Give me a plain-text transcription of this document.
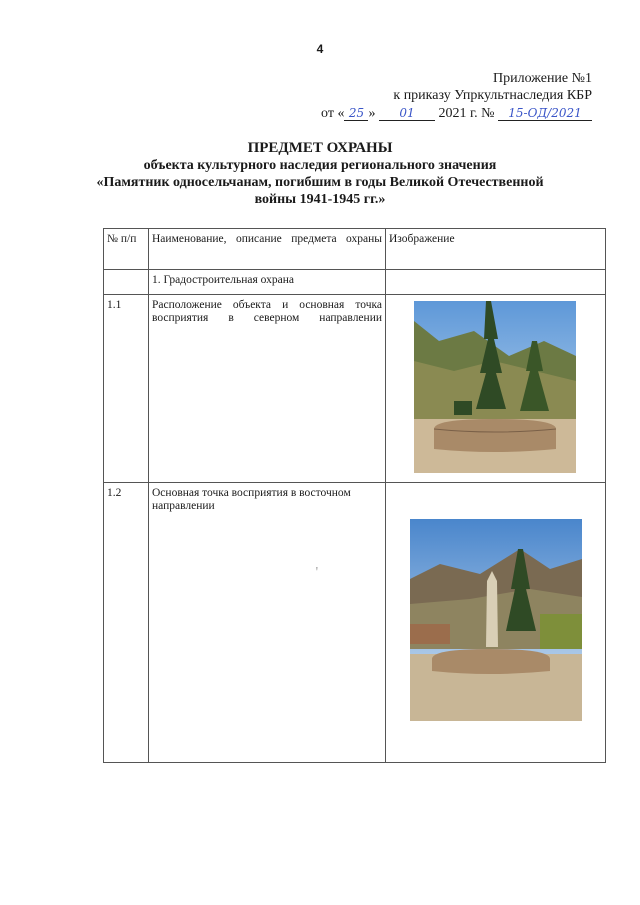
4
Приложение №1
к приказу Упркультнаследия КБР
от « 25 » 01 2021 г. № 15-ОД/2021
ПРЕДМЕТ ОХРАНЫ
объекта культурного наследия регионального значения
«Памятник односельчанам, погибшим в годы Великой Отечественной
войны 1941-1945 гг.»
№ п/п	Наименование, описание предмета охраны	Изображение
	1. Градостроительная охрана	
1.1	Расположение объекта и основная точка восприятия в северном направлении	

1.2	Основная точка восприятия в восточном направлении	
ꞌ
